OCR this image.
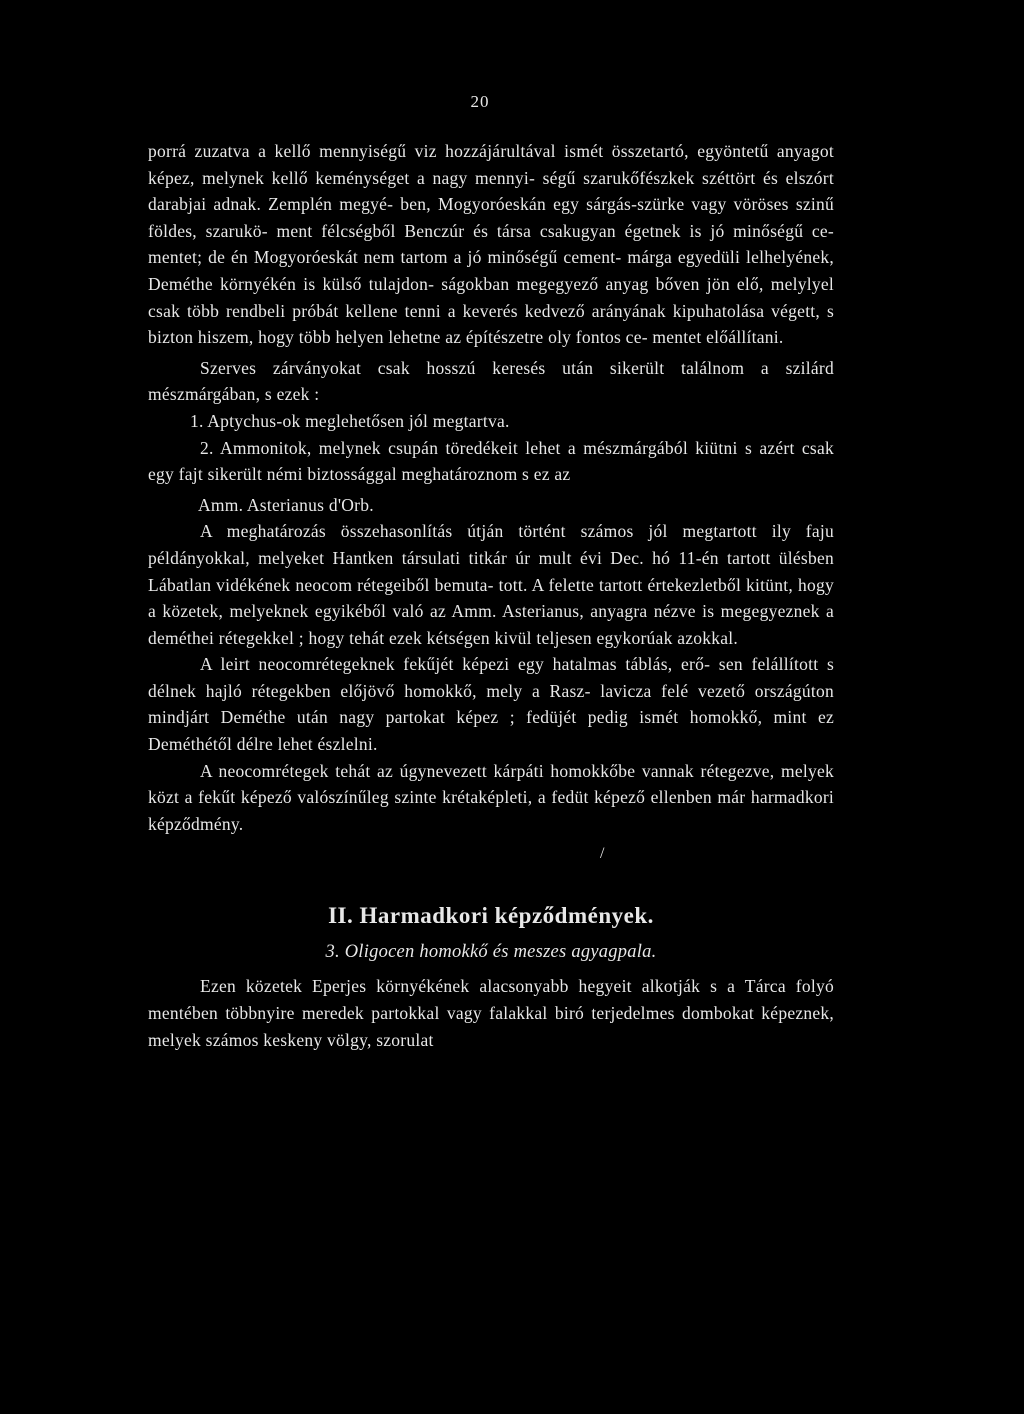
20

porrá zuzatva a kellő mennyiségű viz hozzájárultával ismét összetartó, egyöntetű anyagot képez, melynek kellő keménységet a nagy mennyi- ségű szarukőfészkek széttört és elszórt darabjai adnak. Zemplén megyé- ben, Mogyoróeskán egy sárgás-szürke vagy vöröses szinű földes, szarukö- ment félcségből Benczúr és társa csakugyan égetnek is jó minőségű ce- mentet; de én Mogyoróeskát nem tartom a jó minőségű cement- márga egyedüli lelhelyének, Deméthe környékén is külső tulajdon- ságokban megegyező anyag bőven jön elő, melylyel csak több rendbeli próbát kellene tenni a keverés kedvező arányának kipuhatolása végett, s bizton hiszem, hogy több helyen lehetne az építészetre oly fontos ce- mentet előállítani.

Szerves zárványokat csak hosszú keresés után sikerült találnom a szilárd mészmárgában, s ezek :

1. Aptychus-ok meglehetősen jól megtartva.

2. Ammonitok, melynek csupán töredékeit lehet a mészmárgából kiütni s azért csak egy fajt sikerült némi biztossággal meghatároznom s ez az

Amm. Asterianus d'Orb.

A meghatározás összehasonlítás útján történt számos jól megtartott ily faju példányokkal, melyeket Hantken társulati titkár úr mult évi Dec. hó 11-én tartott ülésben Lábatlan vidékének neocom rétegeiből bemuta- tott. A felette tartott értekezletből kitünt, hogy a közetek, melyeknek egyikéből való az Amm. Asterianus, anyagra nézve is megegyeznek a deméthei rétegekkel ; hogy tehát ezek kétségen kivül teljesen egykorúak azokkal.

A leirt neocomrétegeknek fekűjét képezi egy hatalmas táblás, erő- sen felállított s délnek hajló rétegekben előjövő homokkő, mely a Rasz- lavicza felé vezető országúton mindjárt Deméthe után nagy partokat képez ; fedüjét pedig ismét homokkő, mint ez Deméthétől délre lehet észlelni.

A neocomrétegek tehát az úgynevezett kárpáti homokkőbe vannak rétegezve, melyek közt a fekűt képező valószínűleg szinte krétaképleti, a fedüt képező ellenben már harmadkori képződmény.

/
II. Harmadkori képződmények.
3. Oligocen homokkő és meszes agyagpala.

Ezen közetek Eperjes környékének alacsonyabb hegyeit alkotják s a Tárca folyó mentében többnyire meredek partokkal vagy falakkal biró terjedelmes dombokat képeznek, melyek számos keskeny völgy, szorulat
